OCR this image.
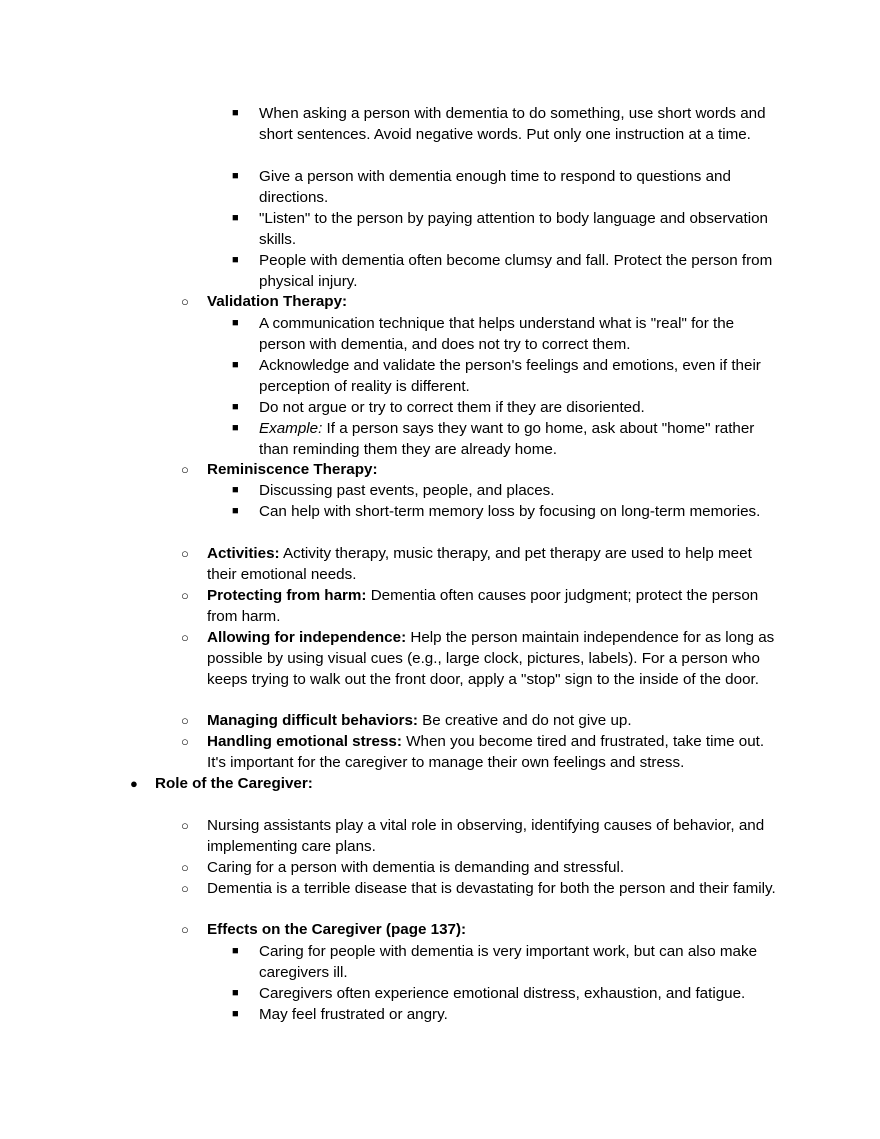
■ When asking a person with dementia to do something, use short words and short sentences. Avoid negative words. Put only one instruction at a time.
■ Give a person with dementia enough time to respond to questions and directions.
■ "Listen" to the person by paying attention to body language and observation skills.
■ People with dementia often become clumsy and fall. Protect the person from physical injury.
○ Validation Therapy:
■ A communication technique that helps understand what is "real" for the person with dementia, and does not try to correct them.
■ Acknowledge and validate the person's feelings and emotions, even if their perception of reality is different.
■ Do not argue or try to correct them if they are disoriented.
■ Example: If a person says they want to go home, ask about "home" rather than reminding them they are already home.
○ Reminiscence Therapy:
■ Discussing past events, people, and places.
■ Can help with short-term memory loss by focusing on long-term memories.
○ Activities: Activity therapy, music therapy, and pet therapy are used to help meet their emotional needs.
○ Protecting from harm: Dementia often causes poor judgment; protect the person from harm.
○ Allowing for independence: Help the person maintain independence for as long as possible by using visual cues (e.g., large clock, pictures, labels). For a person who keeps trying to walk out the front door, apply a "stop" sign to the inside of the door.
○ Managing difficult behaviors: Be creative and do not give up.
○ Handling emotional stress: When you become tired and frustrated, take time out. It's important for the caregiver to manage their own feelings and stress.
● Role of the Caregiver:
○ Nursing assistants play a vital role in observing, identifying causes of behavior, and implementing care plans.
○ Caring for a person with dementia is demanding and stressful.
○ Dementia is a terrible disease that is devastating for both the person and their family.
○ Effects on the Caregiver (page 137):
■ Caring for people with dementia is very important work, but can also make caregivers ill.
■ Caregivers often experience emotional distress, exhaustion, and fatigue.
■ May feel frustrated or angry.
